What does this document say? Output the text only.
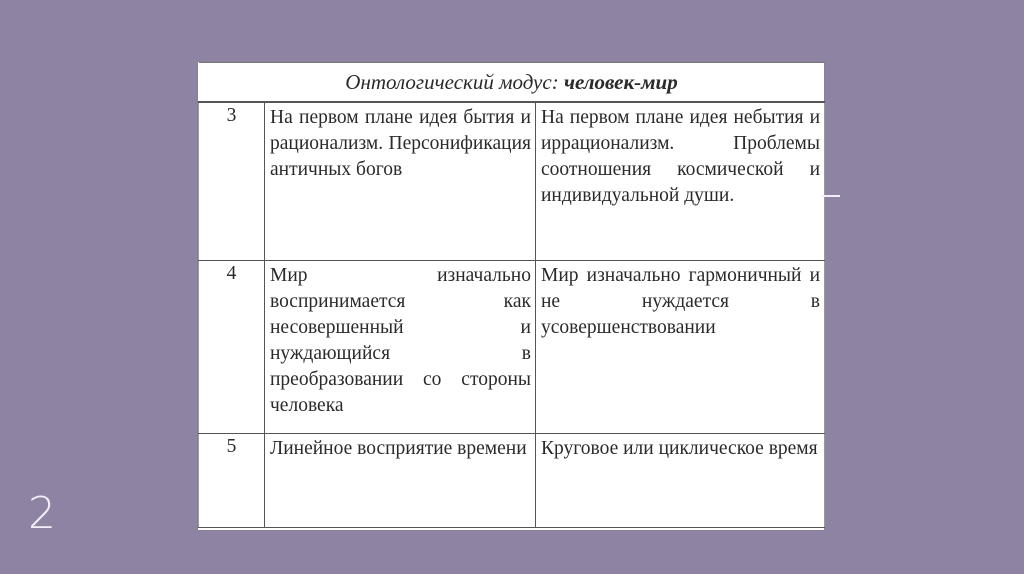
Онтологический модус: человек-мир		
3	На первом плане идея бытия и рационализм. Персонификация античных богов	На первом плане идея небытия и иррационализм. Проблемы соотношения космической и индивидуальной души.

4	Мир изначально воспринимается как несовершенный и нуждающийся в преобразовании со стороны человека	Мир изначально гармоничный и не нуждается в усовершенствовании

5	Линейное восприятие времени	Круговое или циклическое время
2
